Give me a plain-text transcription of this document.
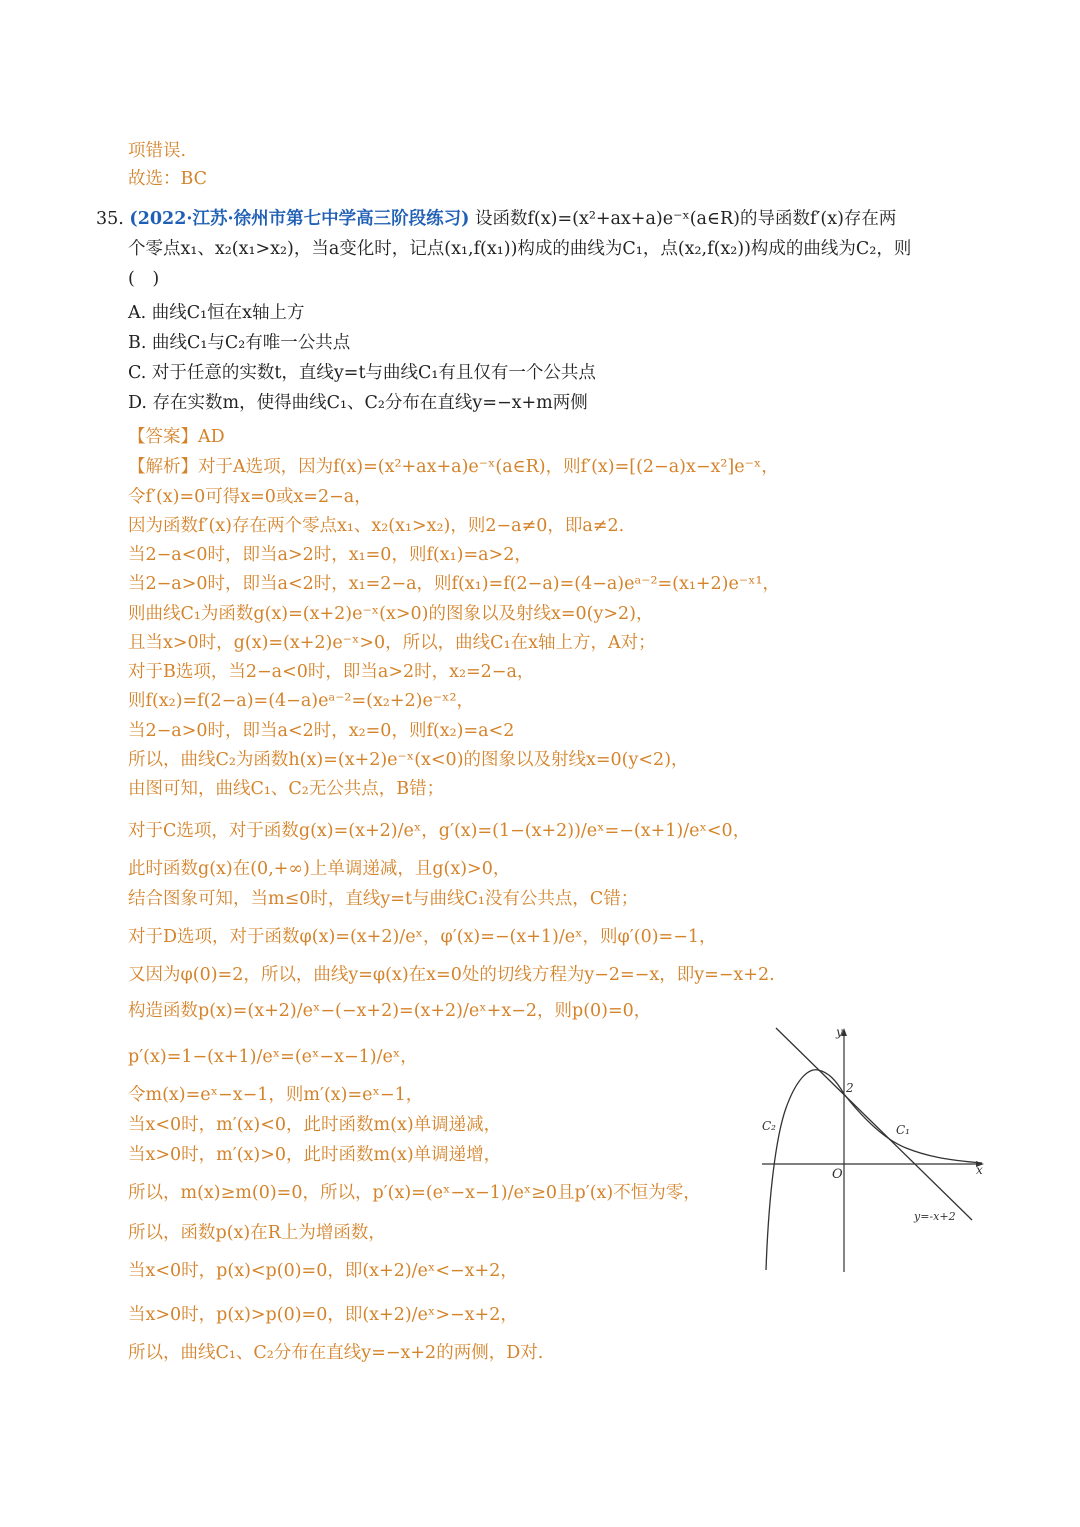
项错误.
故选：BC
35. (2022·江苏·徐州市第七中学高三阶段练习) 设函数f(x)=(x²+ax+a)e⁻ˣ(a∈R)的导函数f′(x)存在两
个零点x₁、x₂(x₁>x₂)，当a变化时，记点(x₁,f(x₁))构成的曲线为C₁，点(x₂,f(x₂))构成的曲线为C₂，则
(　)
A. 曲线C₁恒在x轴上方
B. 曲线C₁与C₂有唯一公共点
C. 对于任意的实数t，直线y=t与曲线C₁有且仅有一个公共点
D. 存在实数m，使得曲线C₁、C₂分布在直线y=−x+m两侧
【答案】AD
【解析】对于A选项，因为f(x)=(x²+ax+a)e⁻ˣ(a∈R)，则f′(x)=[(2−a)x−x²]e⁻ˣ，
令f′(x)=0可得x=0或x=2−a，
因为函数f′(x)存在两个零点x₁、x₂(x₁>x₂)，则2−a≠0，即a≠2.
当2−a<0时，即当a>2时，x₁=0，则f(x₁)=a>2，
当2−a>0时，即当a<2时，x₁=2−a，则f(x₁)=f(2−a)=(4−a)eᵃ⁻²=(x₁+2)e⁻ˣ¹，
则曲线C₁为函数g(x)=(x+2)e⁻ˣ(x>0)的图象以及射线x=0(y>2)，
且当x>0时，g(x)=(x+2)e⁻ˣ>0，所以，曲线C₁在x轴上方，A对；
对于B选项，当2−a<0时，即当a>2时，x₂=2−a，
则f(x₂)=f(2−a)=(4−a)eᵃ⁻²=(x₂+2)e⁻ˣ²，
当2−a>0时，即当a<2时，x₂=0，则f(x₂)=a<2
所以，曲线C₂为函数h(x)=(x+2)e⁻ˣ(x<0)的图象以及射线x=0(y<2)，
由图可知，曲线C₁、C₂无公共点，B错；
对于C选项，对于函数g(x)=(x+2)/eˣ，g′(x)=(1−(x+2))/eˣ=−(x+1)/eˣ<0，
此时函数g(x)在(0,+∞)上单调递减，且g(x)>0，
结合图象可知，当m≤0时，直线y=t与曲线C₁没有公共点，C错；
对于D选项，对于函数φ(x)=(x+2)/eˣ，φ′(x)=−(x+1)/eˣ，则φ′(0)=−1，
又因为φ(0)=2，所以，曲线y=φ(x)在x=0处的切线方程为y−2=−x，即y=−x+2.
构造函数p(x)=(x+2)/eˣ−(−x+2)=(x+2)/eˣ+x−2，则p(0)=0，
p′(x)=1−(x+1)/eˣ=(eˣ−x−1)/eˣ，
令m(x)=eˣ−x−1，则m′(x)=eˣ−1，
当x<0时，m′(x)<0，此时函数m(x)单调递减，
当x>0时，m′(x)>0，此时函数m(x)单调递增，
所以，m(x)≥m(0)=0，所以，p′(x)=(eˣ−x−1)/eˣ≥0且p′(x)不恒为零，
所以，函数p(x)在R上为增函数，
当x<0时，p(x)<p(0)=0，即(x+2)/eˣ<−x+2，
当x>0时，p(x)>p(0)=0，即(x+2)/eˣ>−x+2，
所以，曲线C₁、C₂分布在直线y=−x+2的两侧，D对.
y
x
O
2
C₁
C₂
y=-x+2
